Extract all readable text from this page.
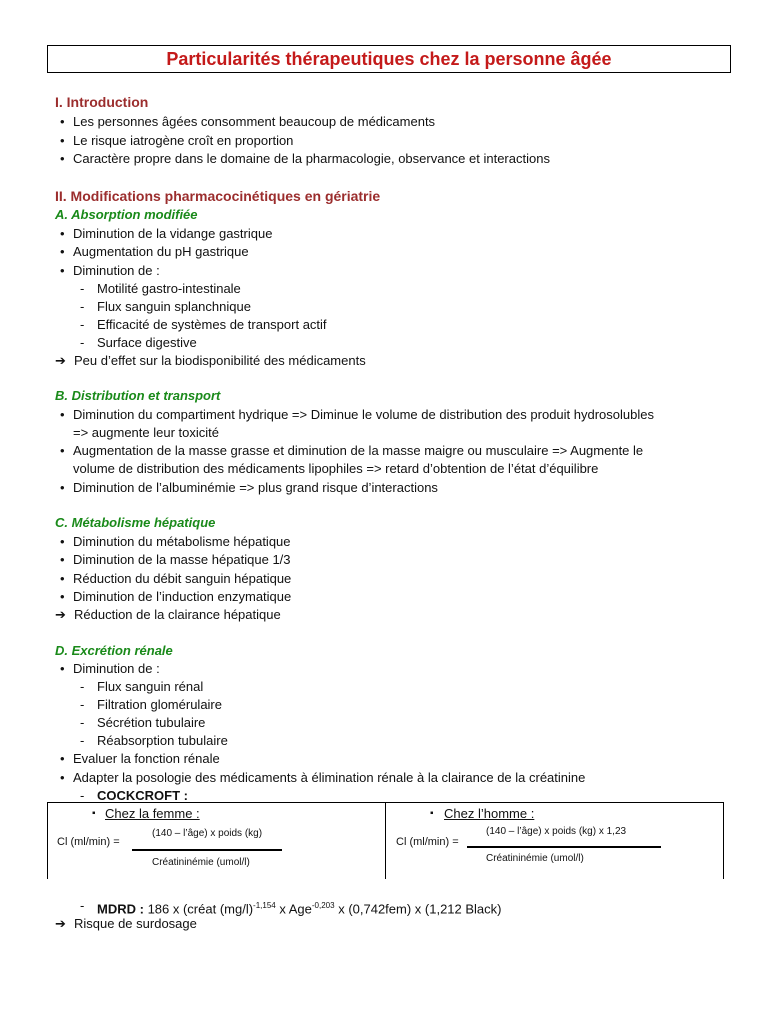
Particularités thérapeutiques chez la personne âgée
I. Introduction
• Les personnes âgées consomment beaucoup de médicaments
• Le risque iatrogène croît en proportion
• Caractère propre dans le domaine de la pharmacologie, observance et interactions
II. Modifications pharmacocinétiques en gériatrie
A. Absorption modifiée
• Diminution de la vidange gastrique
• Augmentation du pH gastrique
• Diminution de :
- Motilité gastro-intestinale
- Flux sanguin splanchnique
- Efficacité de systèmes de transport actif
- Surface digestive
➔ Peu d’effet sur la biodisponibilité des médicaments
B. Distribution et transport
• Diminution du compartiment hydrique => Diminue le volume de distribution des produit hydrosolubles
=> augmente leur toxicité
• Augmentation de la masse grasse et diminution de la masse maigre ou musculaire => Augmente le
volume de distribution des médicaments lipophiles => retard d’obtention de l’état d’équilibre
• Diminution de l’albuminémie => plus grand risque d’interactions
C. Métabolisme hépatique
• Diminution du métabolisme hépatique
• Diminution de la masse hépatique 1/3
• Réduction du débit sanguin hépatique
• Diminution de l’induction enzymatique
➔ Réduction de la clairance hépatique
D. Excrétion rénale
• Diminution de :
- Flux sanguin rénal
- Filtration glomérulaire
- Sécrétion tubulaire
- Réabsorption tubulaire
• Evaluer la fonction rénale
• Adapter la posologie des médicaments à élimination rénale à la clairance de la créatinine
- COCKCROFT :
▪ Chez la femme :
Cl (ml/min) =
(140 – l’âge) x poids (kg)
Créatininémie (umol/l)
▪ Chez l’homme :
Cl (ml/min) =
(140 – l’âge) x poids (kg) x 1,23
Créatininémie (umol/l)
- MDRD : 186 x (créat $(mg/l)^{-1,154}$ x Age$^{-0,203}$ x (0,742fem) x (1,212 Black)
➔ Risque de surdosage
